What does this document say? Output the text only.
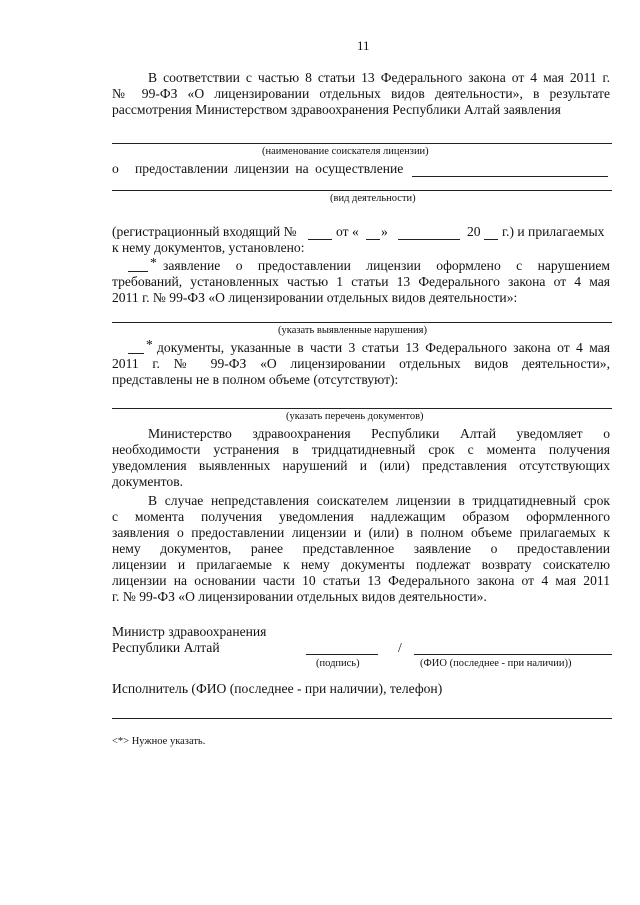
11
В соответствии с частью 8 статьи 13 Федерального закона от 4 мая 2011 г.
№ 99-ФЗ «О лицензировании отдельных видов деятельности», в результате
рассмотрения Министерством здравоохранения Республики Алтай заявления
(наименование соискателя лицензии)
о предоставлении лицензии на осуществление
(вид деятельности)
(регистрационный входящий №	от « »	20 г.) и прилагаемых
к нему документов, установлено:
* заявление о предоставлении лицензии оформлено с нарушением
требований, установленных частью 1 статьи 13 Федерального закона от 4 мая
2011 г. № 99-ФЗ «О лицензировании отдельных видов деятельности»:
(указать выявленные нарушения)
* документы, указанные в части 3 статьи 13 Федерального закона от 4 мая
2011 г. № 99-ФЗ «О лицензировании отдельных видов деятельности»,
представлены не в полном объеме (отсутствуют):
(указать перечень документов)
Министерство здравоохранения Республики Алтай уведомляет о
необходимости устранения в тридцатидневный срок с момента получения
уведомления выявленных нарушений и (или) представления отсутствующих
документов.
В случае непредставления соискателем лицензии в тридцатидневный срок
с момента получения уведомления надлежащим образом оформленного
заявления о предоставлении лицензии и (или) в полном объеме прилагаемых к
нему документов, ранее представленное заявление о предоставлении
лицензии и прилагаемые к нему документы подлежат возврату соискателю
лицензии на основании части 10 статьи 13 Федерального закона от 4 мая 2011
г. № 99-ФЗ «О лицензировании отдельных видов деятельности».
Министр здравоохранения
Республики Алтай	/
(подпись)	(ФИО (последнее - при наличии))
Исполнитель (ФИО (последнее - при наличии), телефон)
<*> Нужное указать.
